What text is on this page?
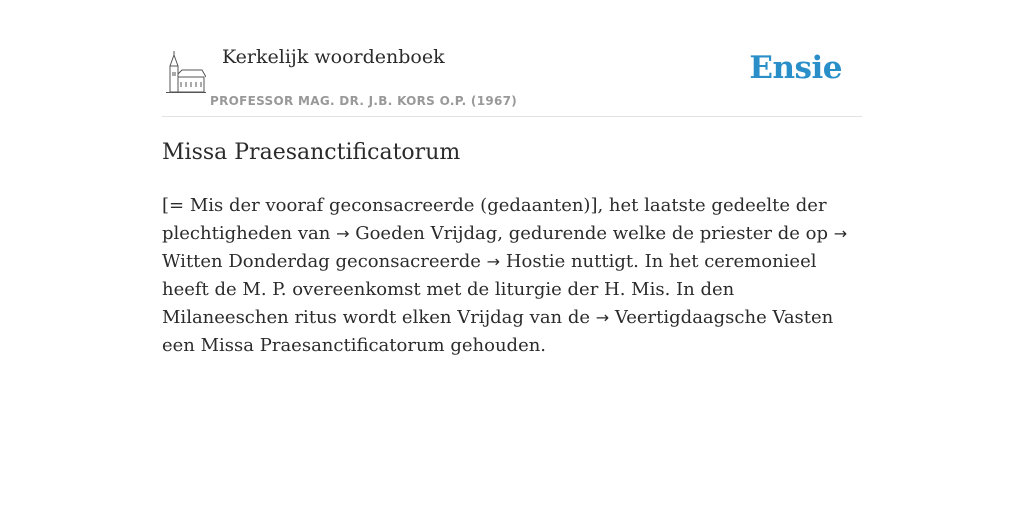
Kerkelijk woordenboek
PROFESSOR MAG. DR. J.B. KORS O.P. (1967)
Ensie
Missa Praesanctificatorum

[= Mis der vooraf geconsacreerde (gedaanten)], het laatste gedeelte der plechtigheden van → Goeden Vrijdag, gedurende welke de priester de op → Witten Donderdag geconsacreerde → Hostie nuttigt. In het ceremonieel heeft de M. P. overeenkomst met de liturgie der H. Mis. In den Milaneeschen ritus wordt elken Vrijdag van de → Veertigdaagsche Vasten een Missa Praesanctificatorum gehouden.
